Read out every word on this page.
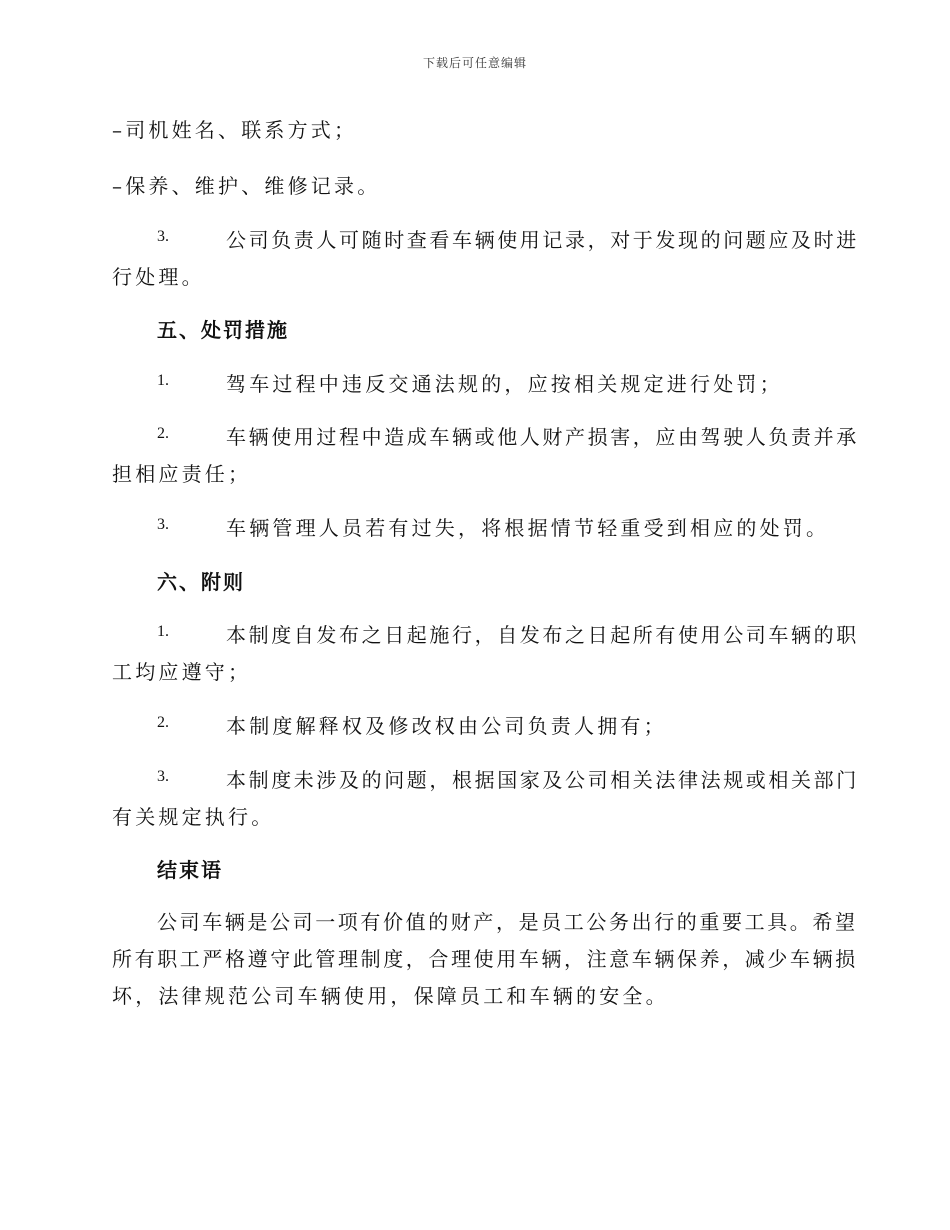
下载后可任意编辑
–司机姓名、联系方式；
–保养、维护、维修记录。
3.	公司负责人可随时查看车辆使用记录，对于发现的问题应及时进
行处理。
五、处罚措施
1.	驾车过程中违反交通法规的，应按相关规定进行处罚；
2.	车辆使用过程中造成车辆或他人财产损害，应由驾驶人负责并承
担相应责任；
3.	车辆管理人员若有过失，将根据情节轻重受到相应的处罚。
六、附则
1.	本制度自发布之日起施行，自发布之日起所有使用公司车辆的职
工均应遵守；
2.	本制度解释权及修改权由公司负责人拥有；
3.	本制度未涉及的问题，根据国家及公司相关法律法规或相关部门
有关规定执行。
结束语
公司车辆是公司一项有价值的财产，是员工公务出行的重要工具。希望
所有职工严格遵守此管理制度，合理使用车辆，注意车辆保养，减少车辆损
坏，法律规范公司车辆使用，保障员工和车辆的安全。
